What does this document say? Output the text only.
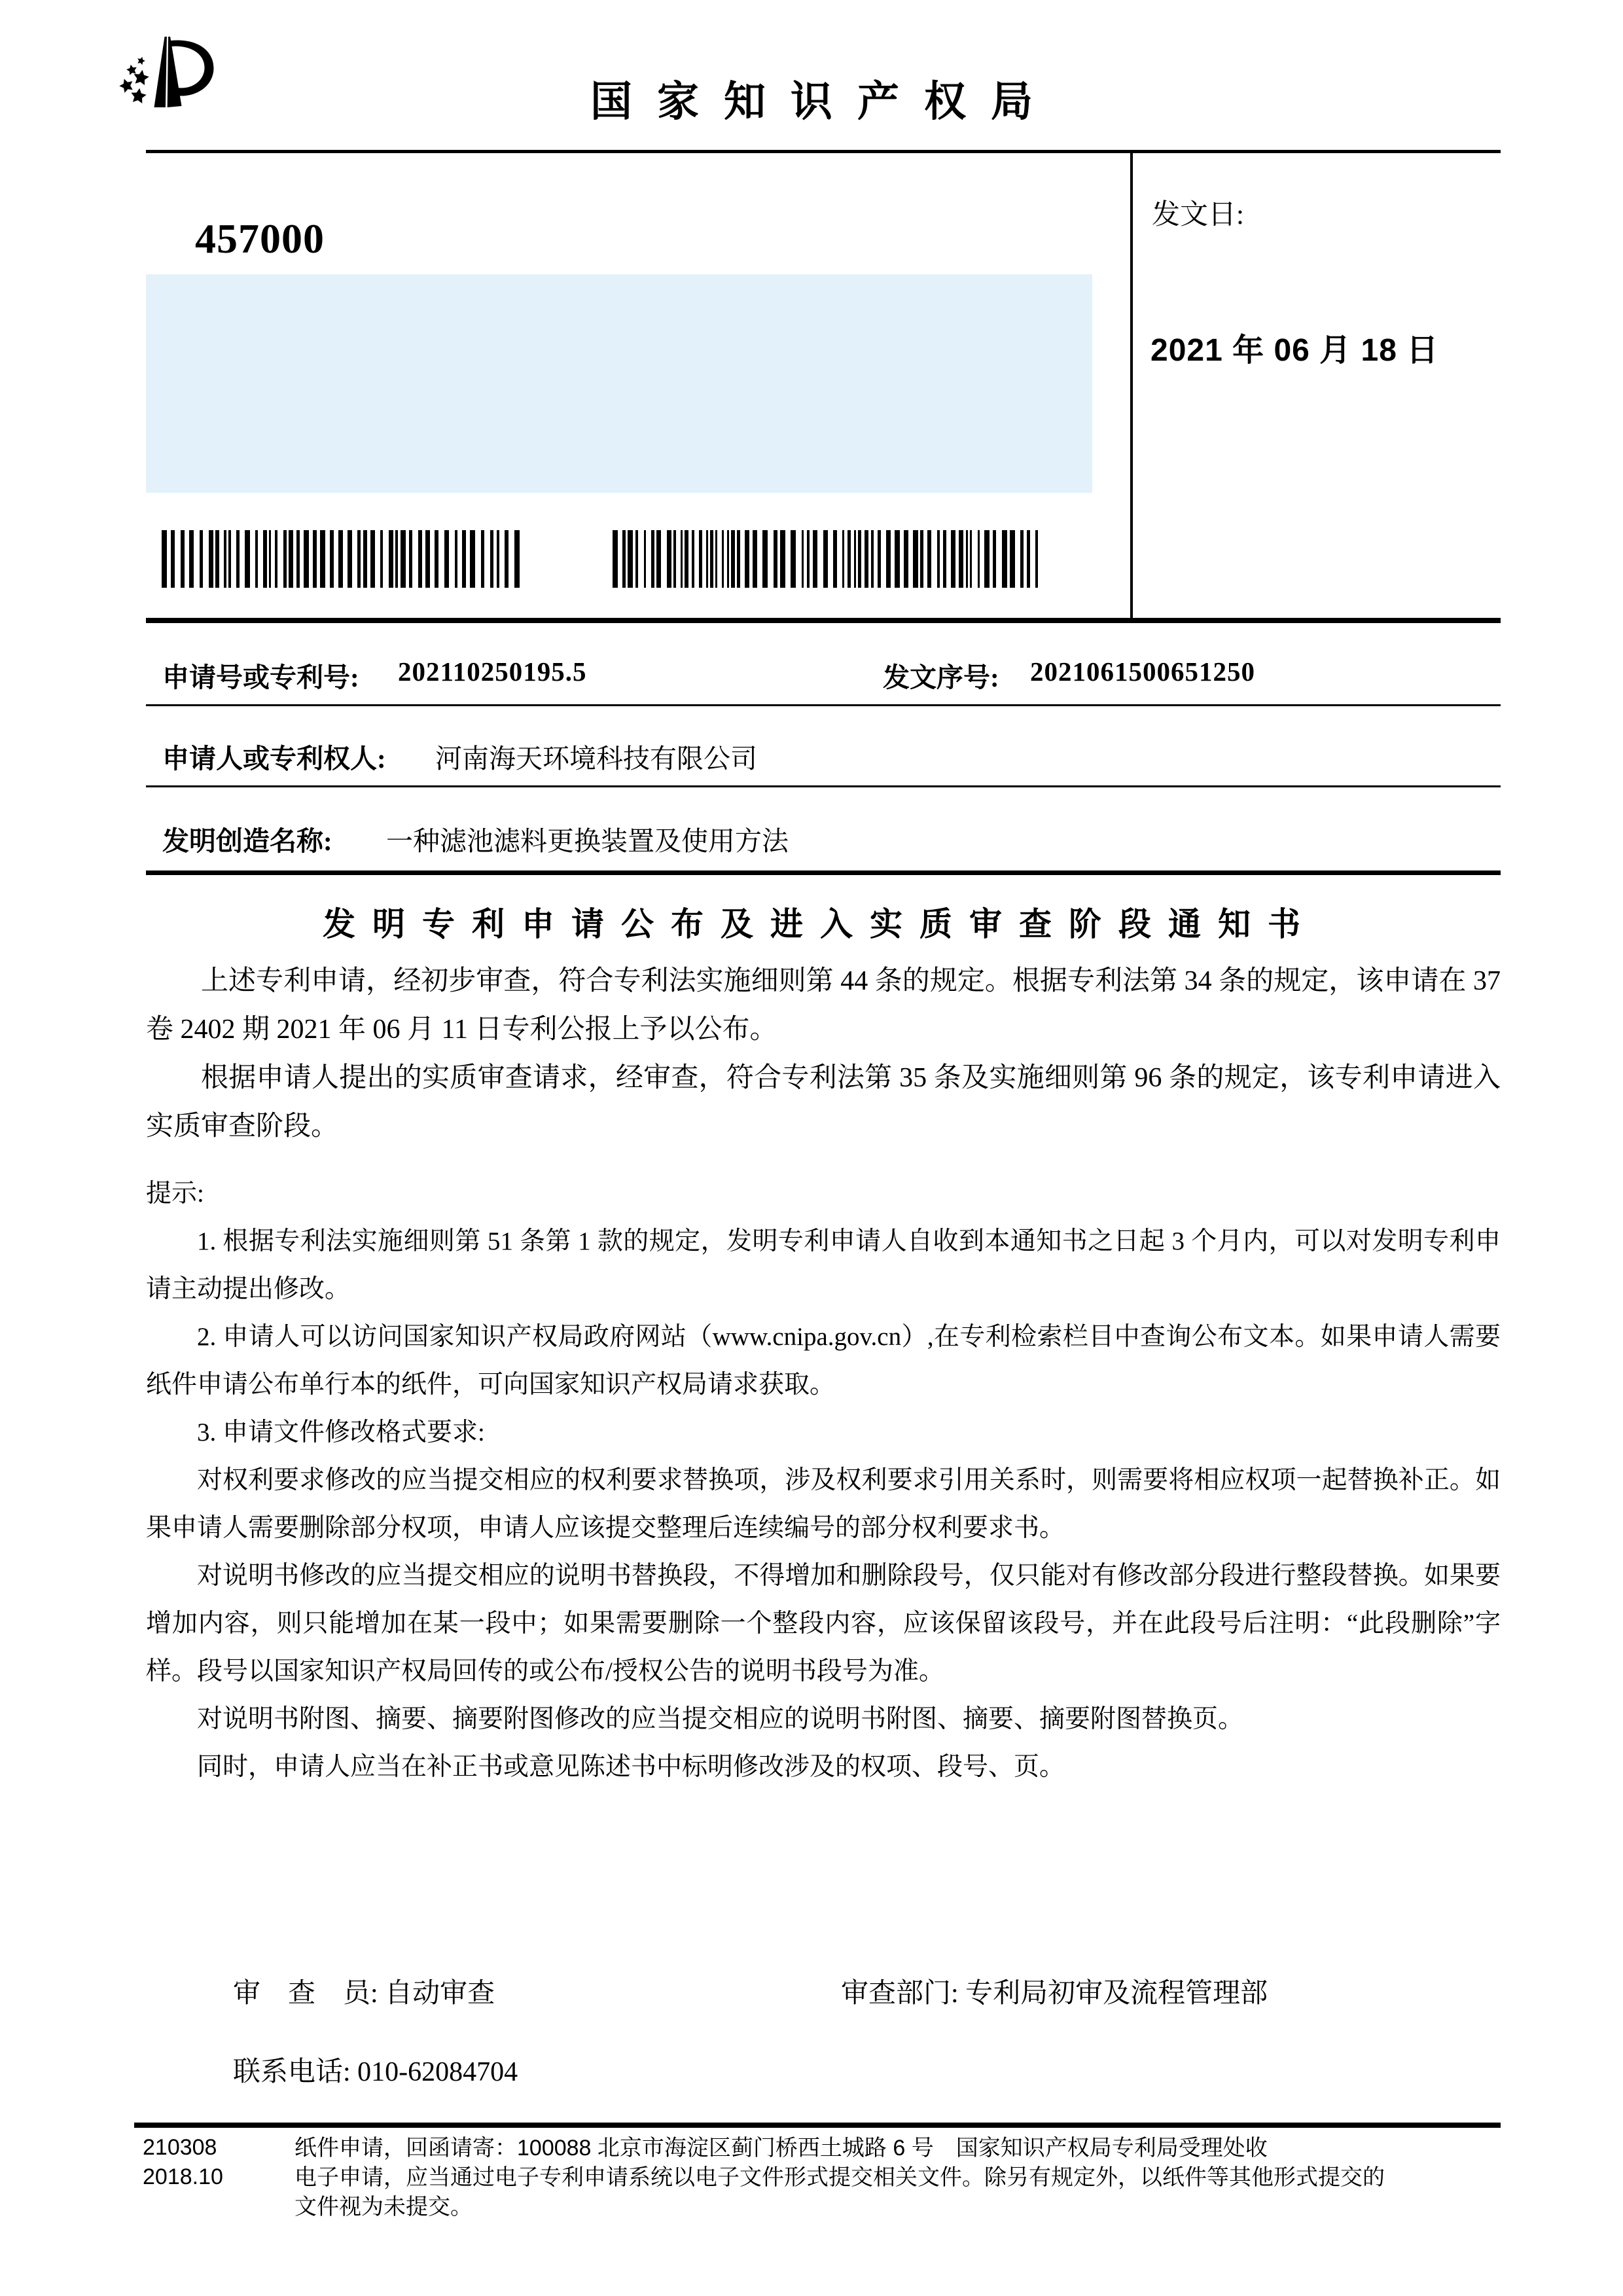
国家知识产权局
457000
发文日:
2021 年 06 月 18 日
申请号或专利号: 202110250195.5	发文序号: 2021061500651250
申请人或专利权人: 河南海天环境科技有限公司
发明创造名称: 一种滤池滤料更换装置及使用方法
发明专利申请公布及进入实质审查阶段通知书

上述专利申请，经初步审查，符合专利法实施细则第 44 条的规定。根据专利法第 34 条的规定，该申请在 37 卷 2402 期 2021 年 06 月 11 日专利公报上予以公布。

根据申请人提出的实质审查请求，经审查，符合专利法第 35 条及实施细则第 96 条的规定，该专利申请进入实质审查阶段。

提示:

1. 根据专利法实施细则第 51 条第 1 款的规定，发明专利申请人自收到本通知书之日起 3 个月内，可以对发明专利申请主动提出修改。

2. 申请人可以访问国家知识产权局政府网站（www.cnipa.gov.cn）,在专利检索栏目中查询公布文本。如果申请人需要纸件申请公布单行本的纸件，可向国家知识产权局请求获取。

3. 申请文件修改格式要求:

对权利要求修改的应当提交相应的权利要求替换项，涉及权利要求引用关系时，则需要将相应权项一起替换补正。如果申请人需要删除部分权项，申请人应该提交整理后连续编号的部分权利要求书。

对说明书修改的应当提交相应的说明书替换段，不得增加和删除段号，仅只能对有修改部分段进行整段替换。如果要增加内容，则只能增加在某一段中；如果需要删除一个整段内容，应该保留该段号，并在此段号后注明：“此段删除”字样。段号以国家知识产权局回传的或公布/授权公告的说明书段号为准。

对说明书附图、摘要、摘要附图修改的应当提交相应的说明书附图、摘要、摘要附图替换页。

同时，申请人应当在补正书或意见陈述书中标明修改涉及的权项、段号、页。

审　查　员: 自动审查	审查部门: 专利局初审及流程管理部
联系电话: 010-62084704
210308
2018.10
纸件申请，回函请寄：100088 北京市海淀区蓟门桥西土城路 6 号　国家知识产权局专利局受理处收
电子申请，应当通过电子专利申请系统以电子文件形式提交相关文件。除另有规定外，以纸件等其他形式提交的
文件视为未提交。
